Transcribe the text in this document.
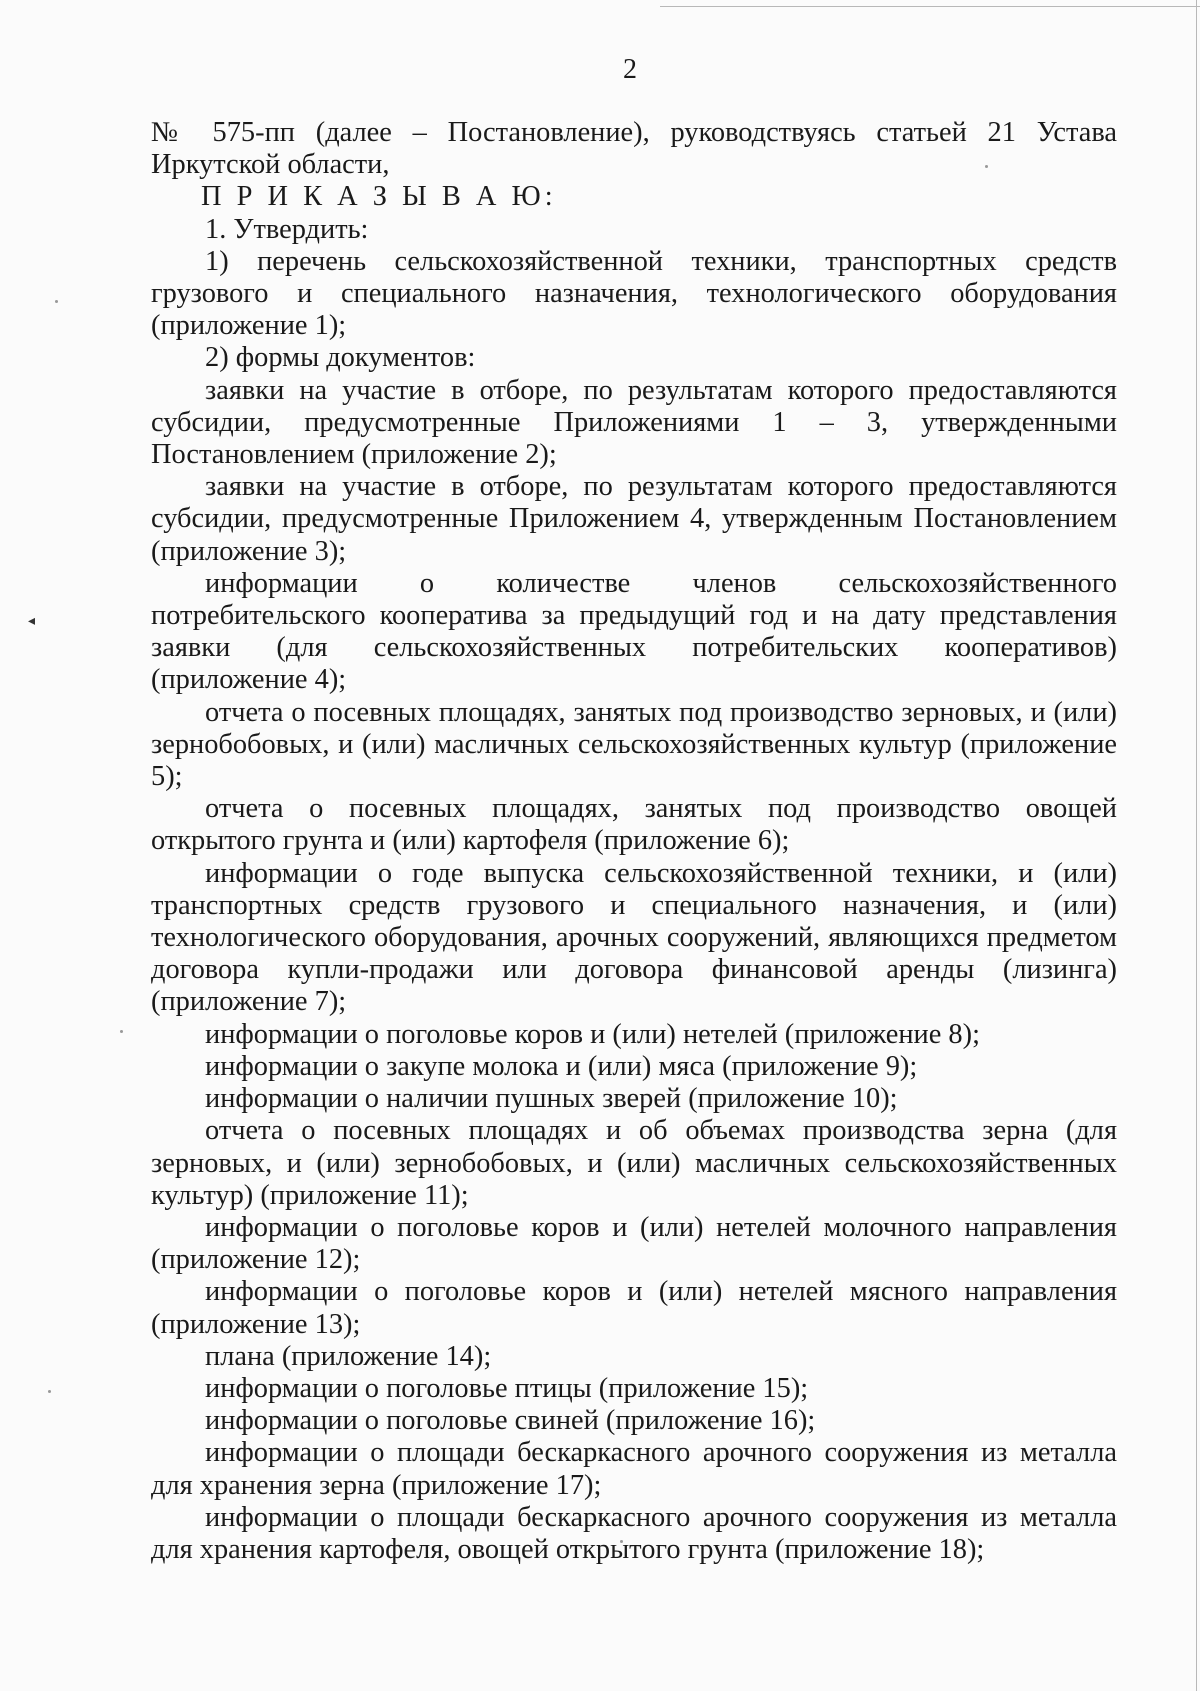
◂
2

№ 575-пп (далее – Постановление), руководствуясь статьей 21 Устава Иркутской области,

П Р И К А З Ы В А Ю:

1. Утвердить:

1) перечень сельскохозяйственной техники, транспортных средств грузового и специального назначения, технологического оборудования (приложение 1);

2) формы документов:

заявки на участие в отборе, по результатам которого предоставляются субсидии, предусмотренные Приложениями 1 – 3, утвержденными Постановлением (приложение 2);

заявки на участие в отборе, по результатам которого предоставляются субсидии, предусмотренные Приложением 4, утвержденным Постановлением (приложение 3);

информации о количестве членов сельскохозяйственного потребительского кооператива за предыдущий год и на дату представления заявки (для сельскохозяйственных потребительских кооперативов) (приложение 4);

отчета о посевных площадях, занятых под производство зерновых, и (или) зернобобовых, и (или) масличных сельскохозяйственных культур (приложение 5);

отчета о посевных площадях, занятых под производство овощей открытого грунта и (или) картофеля (приложение 6);

информации о годе выпуска сельскохозяйственной техники, и (или) транспортных средств грузового и специального назначения, и (или) технологического оборудования, арочных сооружений, являющихся предметом договора купли-продажи или договора финансовой аренды (лизинга) (приложение 7);

информации о поголовье коров и (или) нетелей (приложение 8);

информации о закупе молока и (или) мяса (приложение 9);

информации о наличии пушных зверей (приложение 10);

отчета о посевных площадях и об объемах производства зерна (для зерновых, и (или) зернобобовых, и (или) масличных сельскохозяйственных культур) (приложение 11);

информации о поголовье коров и (или) нетелей молочного направления (приложение 12);

информации о поголовье коров и (или) нетелей мясного направления (приложение 13);

плана (приложение 14);

информации о поголовье птицы (приложение 15);

информации о поголовье свиней (приложение 16);

информации о площади бескаркасного арочного сооружения из металла для хранения зерна (приложение 17);

информации о площади бескаркасного арочного сооружения из металла для хранения картофеля, овощей открытого грунта (приложение 18);
